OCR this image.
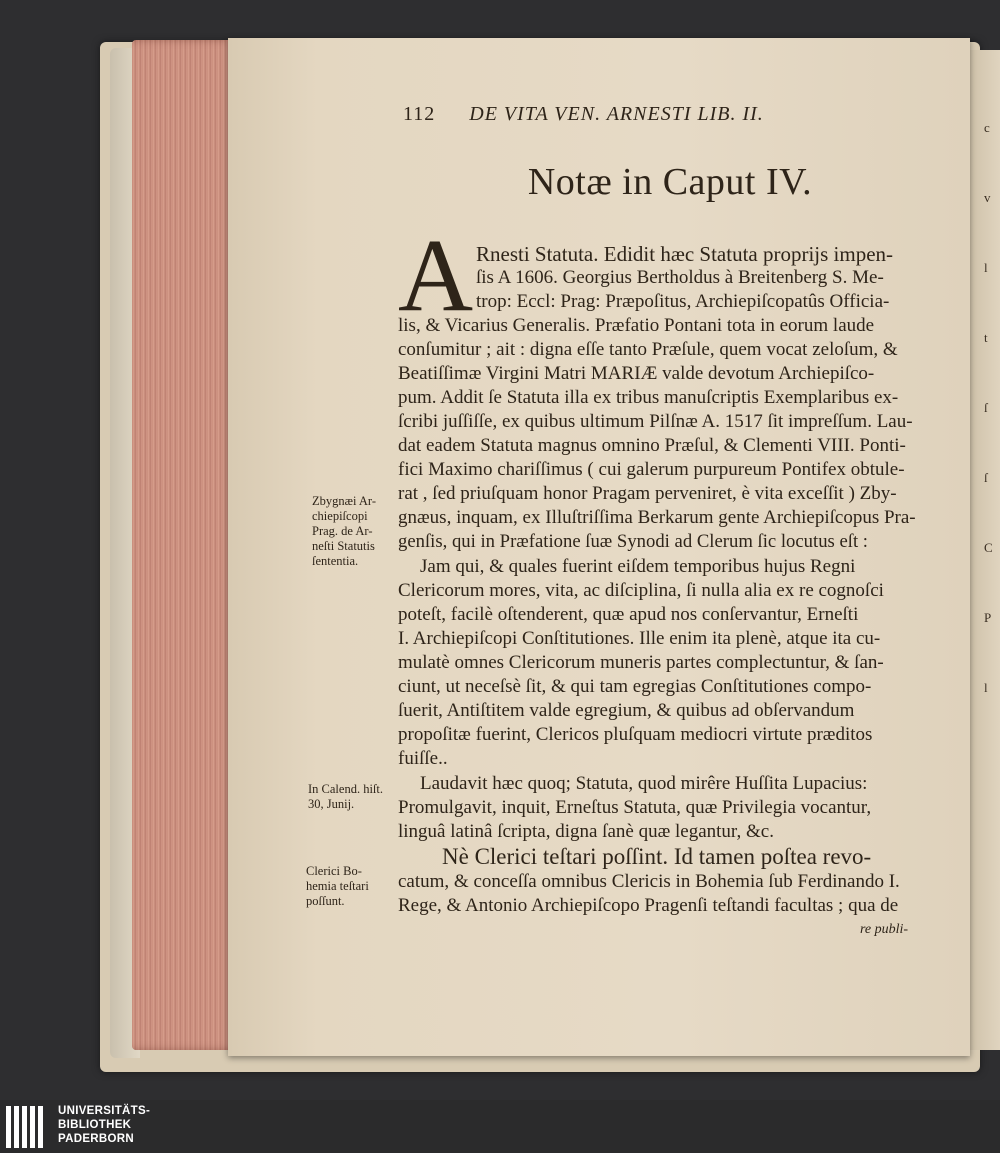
c
v
l
t
ſ
ſ
C
P
l
112 DE VITA VEN. ARNESTI LIB. II.
Notæ in Caput IV.
A Rnesti Statuta. Edidit hæc Statuta proprijs impen-
ſis A 1606. Georgius Bertholdus à Breitenberg S. Me-
trop: Eccl: Prag: Præpoſitus, Archiepiſcopatûs Officia-
lis, & Vicarius Generalis. Præfatio Pontani tota in eorum laude
conſumitur ; ait : digna eſſe tanto Præſule, quem vocat zeloſum, &
Beatiſſimæ Virgini Matri MARIÆ valde devotum Archiepiſco-
pum. Addit ſe Statuta illa ex tribus manuſcriptis Exemplaribus ex-
ſcribi juſſiſſe, ex quibus ultimum Pilſnæ A. 1517 ſit impreſſum. Lau-
dat eadem Statuta magnus omnino Præſul, & Clementi VIII. Ponti-
fici Maximo chariſſimus ( cui galerum purpureum Pontifex obtule-
rat , ſed priuſquam honor Pragam perveniret, è vita exceſſit ) Zby-
gnæus, inquam, ex Illuſtriſſima Berkarum gente Archiepiſcopus Pra-
genſis, qui in Præfatione ſuæ Synodi ad Clerum ſic locutus eſt :
Jam qui, & quales fuerint eiſdem temporibus hujus Regni
Clericorum mores, vita, ac diſciplina, ſi nulla alia ex re cognoſci
poteſt, facilè oſtenderent, quæ apud nos conſervantur, Erneſti
I. Archiepiſcopi Conſtitutiones. Ille enim ita plenè, atque ita cu-
mulatè omnes Clericorum muneris partes complectuntur, & ſan-
ciunt, ut neceſsè ſit, & qui tam egregias Conſtitutiones compo-
ſuerit, Antiſtitem valde egregium, & quibus ad obſervandum
propoſitæ fuerint, Clericos pluſquam mediocri virtute præditos
fuiſſe..
Laudavit hæc quoq; Statuta, quod mirêre Huſſita Lupacius:
Promulgavit, inquit, Erneſtus Statuta, quæ Privilegia vocantur,
linguâ latinâ ſcripta, digna ſanè quæ legantur, &c.
Nè Clerici teſtari poſſint. Id tamen poſtea revo-
catum, & conceſſa omnibus Clericis in Bohemia ſub Ferdinando I.
Rege, & Antonio Archiepiſcopo Pragenſi teſtandi facultas ; qua de
re publi-
Zbygnæi Ar-
chiepiſcopi
Prag. de Ar-
neſti Statutis
ſententia.
In Calend. hiſt.
30, Junij.
Clerici Bo-
hemia teſtari
poſſunt.
UNIVERSITÄTS-
BIBLIOTHEK
PADERBORN
